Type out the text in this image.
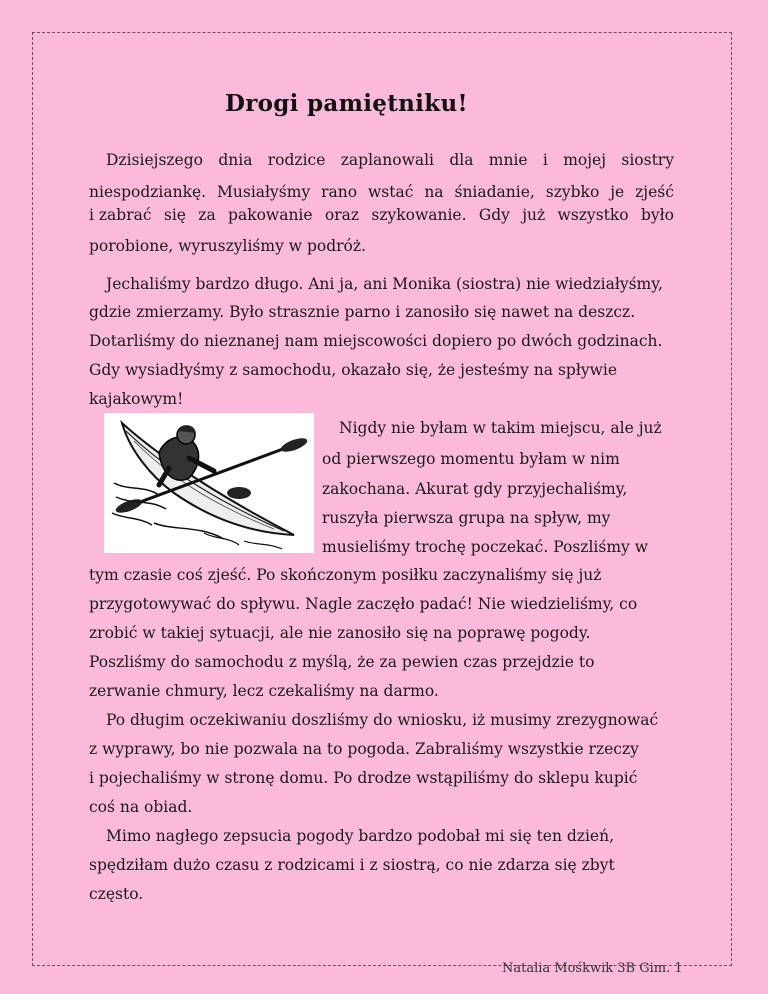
Drogi pamiętniku!
Dzisiejszego dnia rodzice zaplanowali dla mnie i mojej siostry
niespodziankę. Musiałyśmy rano wstać na śniadanie, szybko je zjeść
i zabrać się za pakowanie oraz szykowanie. Gdy już wszystko było
porobione, wyruszyliśmy w podróż.
Jechaliśmy bardzo długo. Ani ja, ani Monika (siostra) nie wiedziałyśmy,
gdzie zmierzamy. Było strasznie parno i zanosiło się nawet na deszcz.
Dotarliśmy do nieznanej nam miejscowości dopiero po dwóch godzinach.
Gdy wysiadłyśmy z samochodu, okazało się, że jesteśmy na spływie
kajakowym!
Nigdy nie byłam w takim miejscu, ale już
od pierwszego momentu byłam w nim
zakochana. Akurat gdy przyjechaliśmy,
ruszyła pierwsza grupa na spływ, my
musieliśmy trochę poczekać. Poszliśmy w
tym czasie coś zjeść. Po skończonym posiłku zaczynaliśmy się już
przygotowywać do spływu. Nagle zaczęło padać! Nie wiedzieliśmy, co
zrobić w takiej sytuacji, ale nie zanosiło się na poprawę pogody.
Poszliśmy do samochodu z myślą, że za pewien czas przejdzie to
zerwanie chmury, lecz czekaliśmy na darmo.
Po długim oczekiwaniu doszliśmy do wniosku, iż musimy zrezygnować
z wyprawy, bo nie pozwala na to pogoda. Zabraliśmy wszystkie rzeczy
i pojechaliśmy w stronę domu. Po drodze wstąpiliśmy do sklepu kupić
coś na obiad.
Mimo nagłego zepsucia pogody bardzo podobał mi się ten dzień,
spędziłam dużo czasu z rodzicami i z siostrą, co nie zdarza się zbyt
często.
Natalia Mośkwik 3B Gim. 1
